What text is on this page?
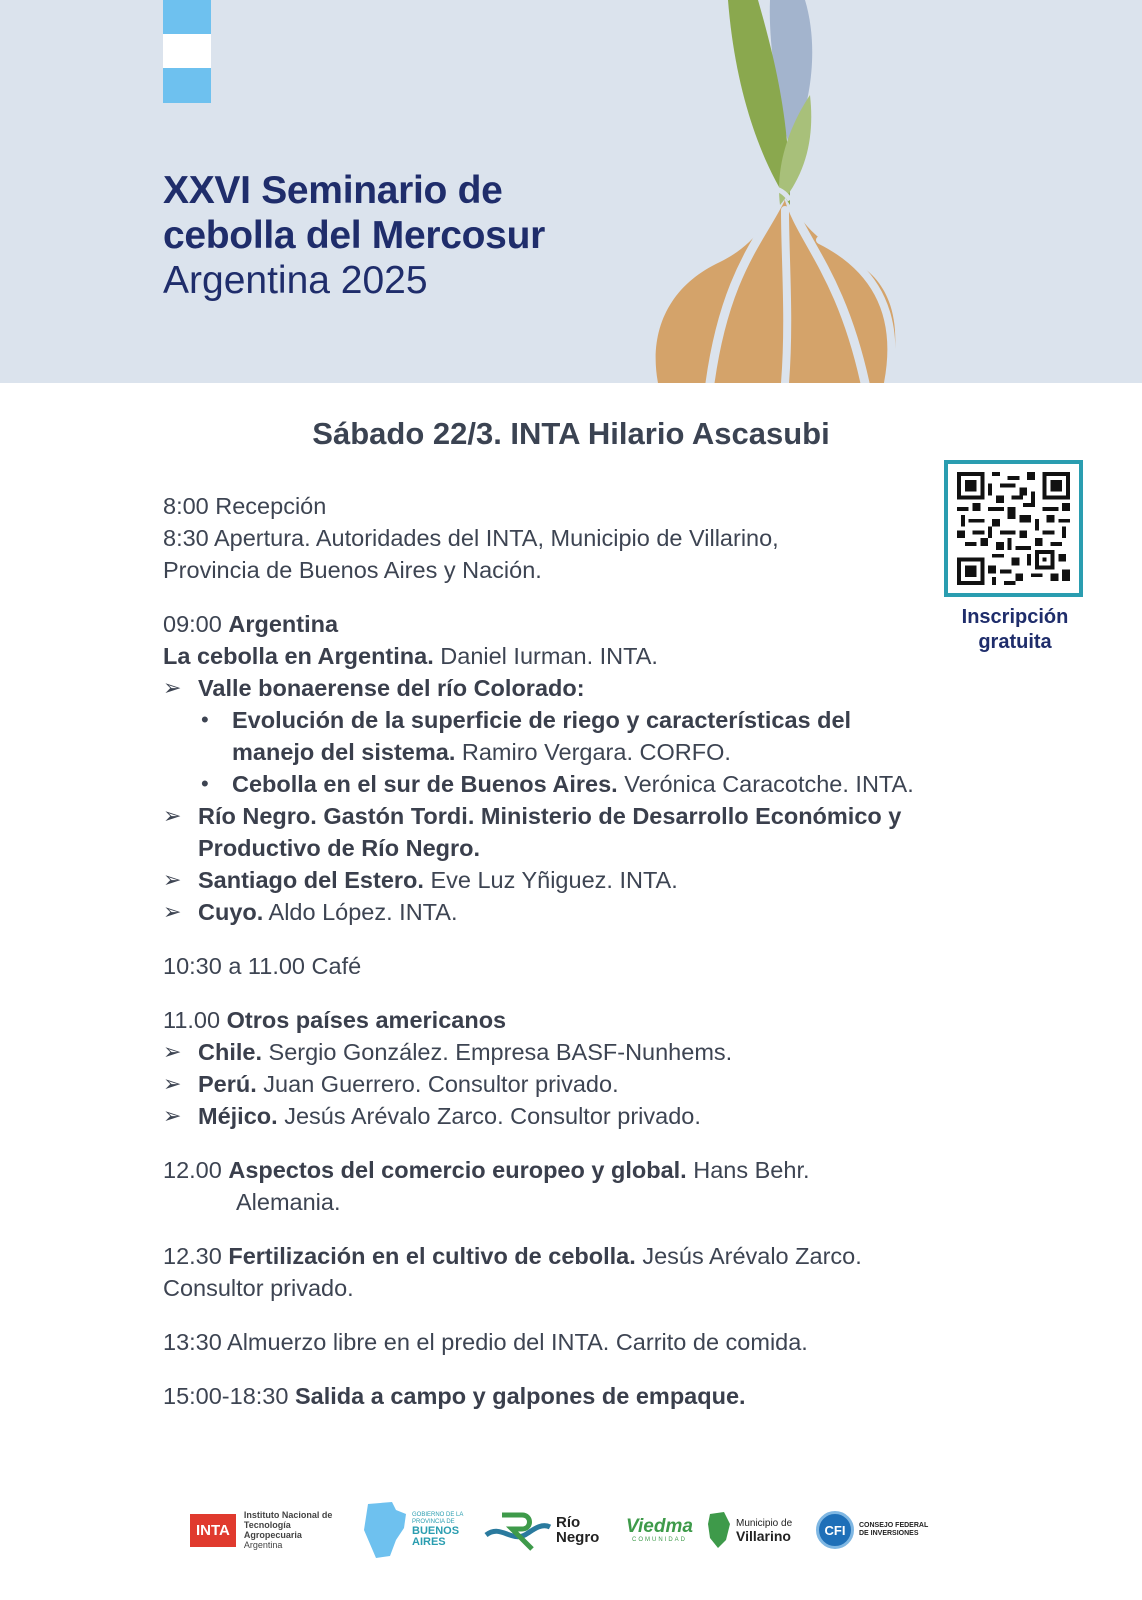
XXVI Seminario de
cebolla del Mercosur
Argentina 2025
Sábado 22/3. INTA Hilario Ascasubi
Inscripción
gratuita
8:00 Recepción
8:30 Apertura. Autoridades del INTA, Municipio de Villarino,
Provincia de Buenos Aires y Nación.
09:00 Argentina
La cebolla en Argentina. Daniel Iurman. INTA.
➢ Valle bonaerense del río Colorado:
• Evolución de la superficie de riego y características del
manejo del sistema. Ramiro Vergara. CORFO.
• Cebolla en el sur de Buenos Aires. Verónica Caracotche. INTA.
➢ Río Negro. Gastón Tordi. Ministerio de Desarrollo Económico y
Productivo de Río Negro.
➢ Santiago del Estero. Eve Luz Yñiguez. INTA.
➢ Cuyo. Aldo López. INTA.
10:30 a 11.00 Café
11.00 Otros países americanos
➢ Chile. Sergio González. Empresa BASF-Nunhems.
➢ Perú. Juan Guerrero. Consultor privado.
➢ Méjico. Jesús Arévalo Zarco. Consultor privado.
12.00 Aspectos del comercio europeo y global. Hans Behr.
Alemania.
12.30 Fertilización en el cultivo de cebolla. Jesús Arévalo Zarco.
Consultor privado.
13:30 Almuerzo libre en el predio del INTA. Carrito de comida.
15:00-18:30 Salida a campo y galpones de empaque.
INTA
Instituto Nacional de
Tecnología Agropecuaria
Argentina
GOBIERNO DE LA
PROVINCIA DE
BUENOS
AIRES
Río
Negro
Viedma
COMUNIDAD
Municipio de
Villarino	CFI	CONSEJO FEDERAL
DE INVERSIONES
